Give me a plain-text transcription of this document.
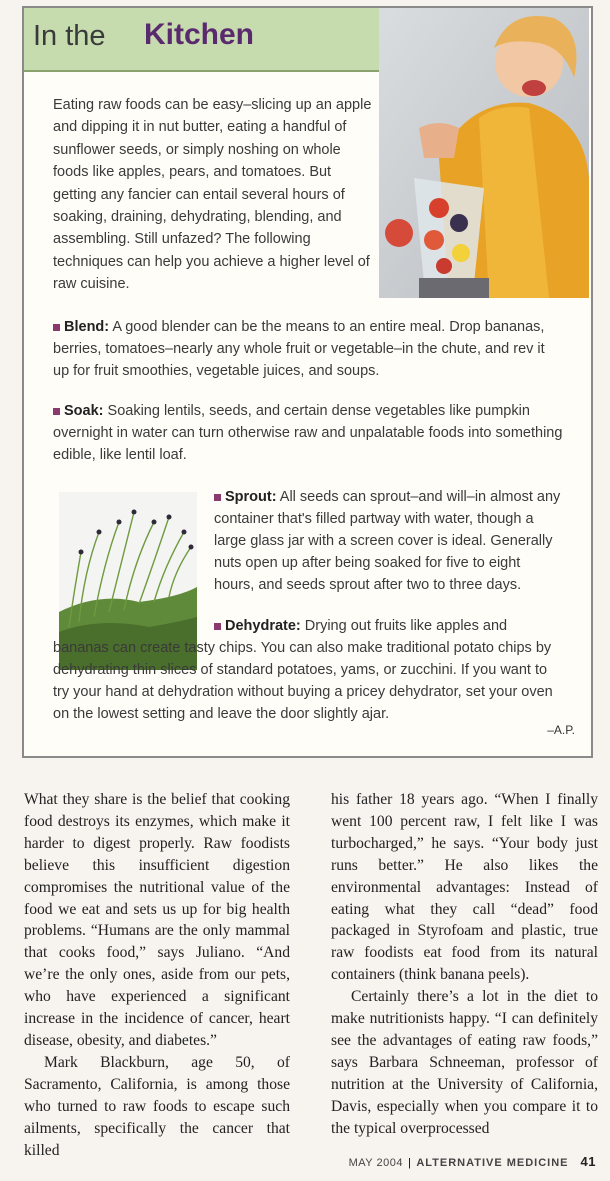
In the Kitchen
Eating raw foods can be easy–slicing up an apple and dipping it in nut butter, eating a handful of sunflower seeds, or simply noshing on whole foods like apples, pears, and tomatoes. But getting any fancier can entail several hours of soaking, draining, dehydrating, blending, and assembling. Still unfazed? The following techniques can help you achieve a higher level of raw cuisine.
Blend: A good blender can be the means to an entire meal. Drop bananas, berries, tomatoes–nearly any whole fruit or vegetable–in the chute, and rev it up for fruit smoothies, vegetable juices, and soups.
Soak: Soaking lentils, seeds, and certain dense vegetables like pumpkin overnight in water can turn otherwise raw and unpalatable foods into something edible, like lentil loaf.
Sprout: All seeds can sprout–and will–in almost any container that's filled partway with water, though a large glass jar with a screen cover is ideal. Generally nuts open up after being soaked for five to eight hours, and seeds sprout after two to three days.
Dehydrate: Drying out fruits like apples and bananas can create tasty chips. You can also make traditional potato chips by dehydrating thin slices of standard potatoes, yams, or zucchini. If you want to try your hand at dehydration without buying a pricey dehydrator, set your oven on the lowest setting and leave the door slightly ajar.
–A.P.

What they share is the belief that cooking food destroys its enzymes, which make it harder to digest properly. Raw foodists believe this insufficient digestion compromises the nutritional value of the food we eat and sets us up for big health problems. “Humans are the only mammal that cooks food,” says Juliano. “And we’re the only ones, aside from our pets, who have experienced a significant increase in the incidence of cancer, heart disease, obesity, and diabetes.”

Mark Blackburn, age 50, of Sacramento, California, is among those who turned to raw foods to escape such ailments, specifically the cancer that killed

his father 18 years ago. “When I finally went 100 percent raw, I felt like I was turbocharged,” he says. “Your body just runs better.” He also likes the environmental advantages: Instead of eating what they call “dead” food packaged in Styrofoam and plastic, true raw foodists eat food from its natural containers (think banana peels).

Certainly there’s a lot in the diet to make nutritionists happy. “I can definitely see the advantages of eating raw foods,” says Barbara Schneeman, professor of nutrition at the University of California, Davis, especially when you compare it to the typical overprocessed

MAY 2004 | ALTERNATIVE MEDICINE 41
